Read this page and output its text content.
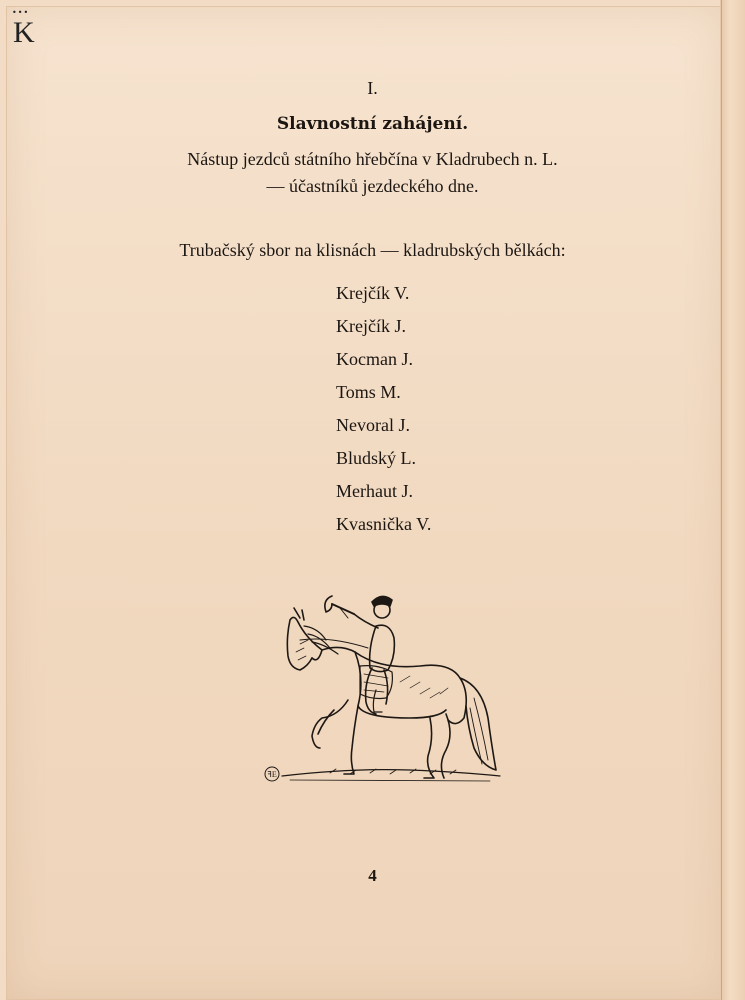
•••
K
I.
Slavnostní zahájení.
Nástup jezdců státního hřebčína v Kladrubech n. L.
— účastníků jezdeckého dne.
Trubačský sbor na klisnách — kladrubských bělkách:
Krejčík V.
Krejčík J.
Kocman J.
Toms M.
Nevoral J.
Bludský L.
Merhaut J.
Kvasnička V.
ꟻE
4
